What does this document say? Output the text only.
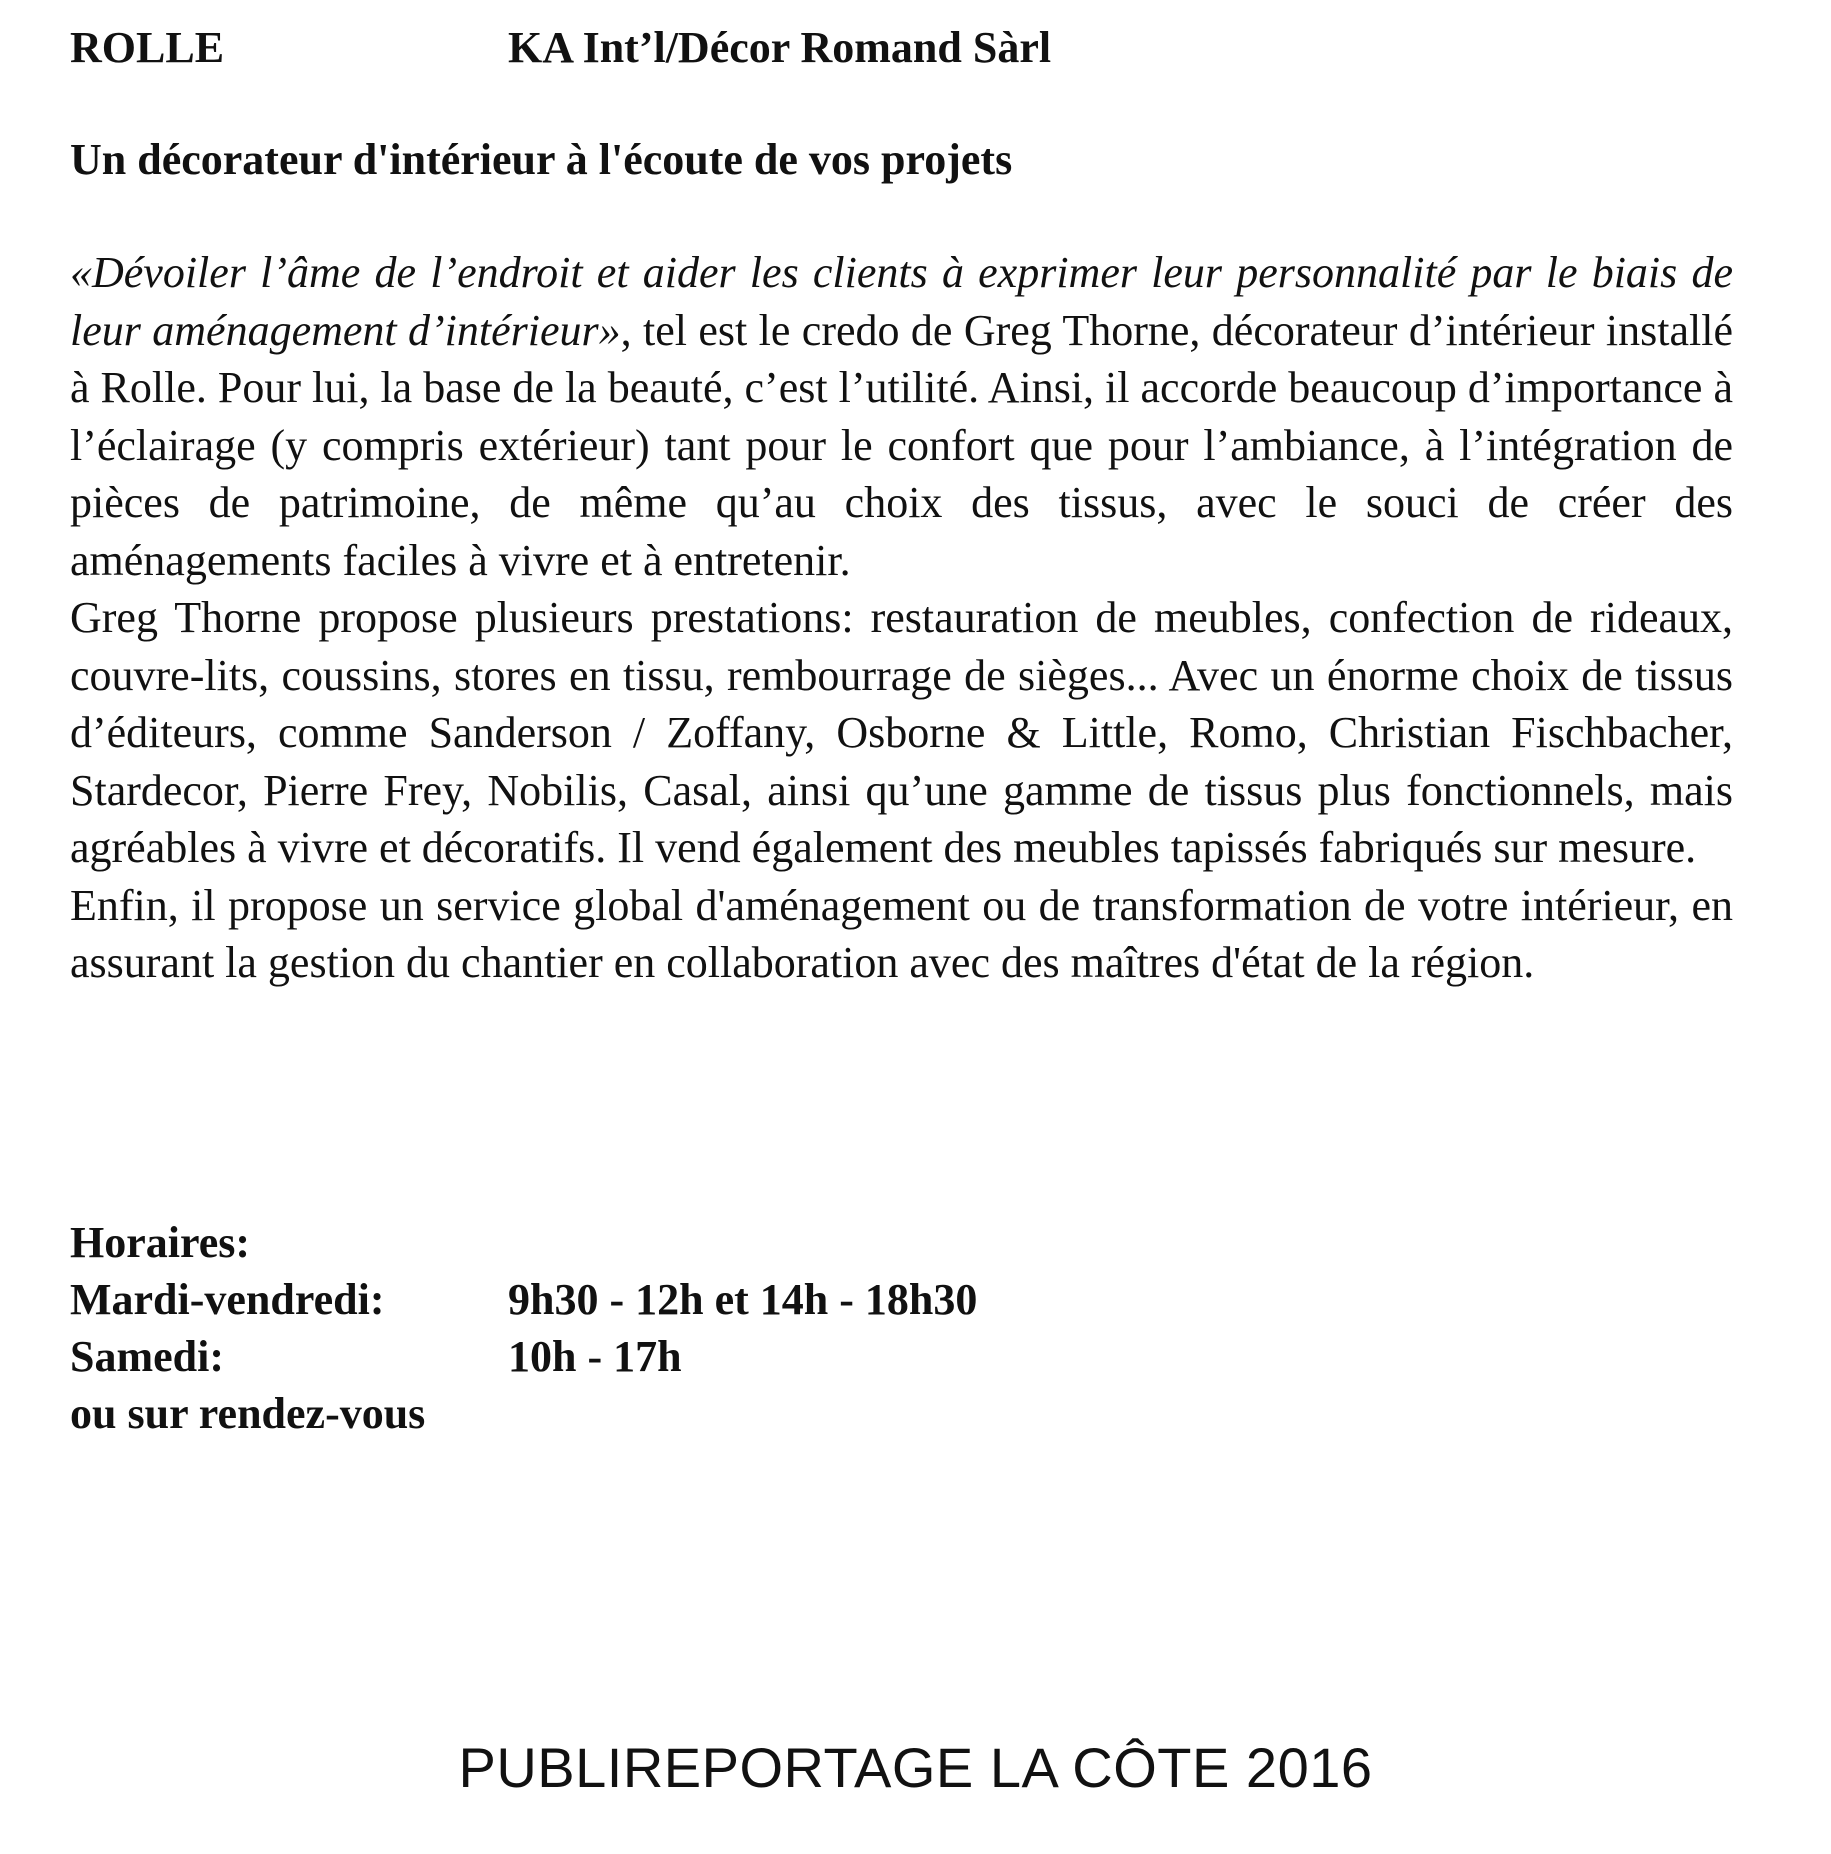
ROLLE	KA Int’l/Décor Romand Sàrl
Un décorateur d'intérieur à l'écoute de vos projets

«Dévoiler l’âme de l’endroit et aider les clients à exprimer leur personnalité par le biais de leur aménagement d’intérieur», tel est le credo de Greg Thorne, décorateur d’intérieur installé à Rolle. Pour lui, la base de la beauté, c’est l’utilité. Ainsi, il accorde beaucoup d’importance à l’éclairage (y compris extérieur) tant pour le confort que pour l’ambiance, à l’intégration de pièces de patrimoine, de même qu’au choix des tissus, avec le souci de créer des aménagements faciles à vivre et à entretenir.

Greg Thorne propose plusieurs prestations: restauration de meubles, confection de rideaux, couvre-lits, coussins, stores en tissu, rembourrage de sièges... Avec un énorme choix de tissus d’éditeurs, comme Sanderson / Zoffany, Osborne & Little, Romo, Christian Fischbacher, Stardecor, Pierre Frey, Nobilis, Casal, ainsi qu’une gamme de tissus plus fonctionnels, mais agréables à vivre et décoratifs. Il vend également des meubles tapissés fabriqués sur mesure.

Enfin, il propose un service global d'aménagement ou de transformation de votre intérieur, en assurant la gestion du chantier en collaboration avec des maîtres d'état de la région.

Horaires:
Mardi-vendredi:	9h30 - 12h et 14h - 18h30
Samedi:	10h - 17h
ou sur rendez-vous
PUBLIREPORTAGE LA CÔTE 2016
